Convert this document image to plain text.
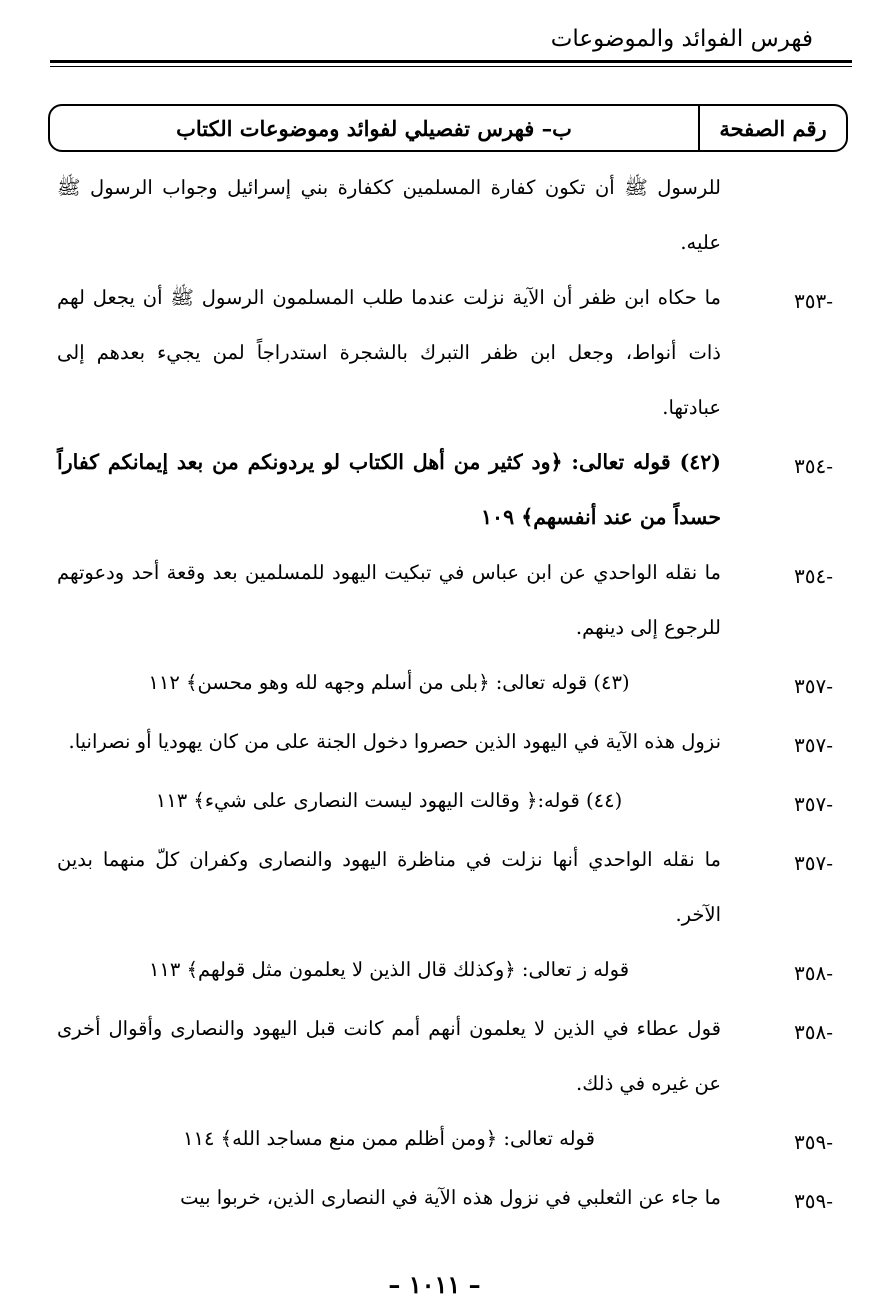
فهرس الفوائد والموضوعات
رقم الصفحة
ب– فهرس تفصيلي لفوائد وموضوعات الكتاب
للرسول ﷺ أن تكون كفارة المسلمين ككفارة بني إسرائيل وجواب الرسول ﷺ عليه.
-٣٥٣
ما حكاه ابن ظفر أن الآية نزلت عندما طلب المسلمون الرسول ﷺ أن يجعل لهم ذات أنواط، وجعل ابن ظفر التبرك بالشجرة استدراجاً لمن يجيء بعدهم إلى عبادتها.
-٣٥٤
(٤٢) قوله تعالى: ﴿ود كثير من أهل الكتاب لو يردونكم من بعد إيمانكم كفاراً حسداً من عند أنفسهم﴾ ١٠٩
-٣٥٤
ما نقله الواحدي عن ابن عباس في تبكيت اليهود للمسلمين بعد وقعة أحد ودعوتهم للرجوع إلى دينهم.
-٣٥٧
(٤٣) قوله تعالى: ﴿بلى من أسلم وجهه لله وهو محسن﴾ ١١٢
-٣٥٧
نزول هذه الآية في اليهود الذين حصروا دخول الجنة على من كان يهوديا أو نصرانيا.
-٣٥٧
(٤٤) قوله:﴿ وقالت اليهود ليست النصارى على شيء﴾ ١١٣
-٣٥٧
ما نقله الواحدي أنها نزلت في مناظرة اليهود والنصارى وكفران كلّ منهما بدين الآخر.
-٣٥٨
قوله ز تعالى: ﴿وكذلك قال الذين لا يعلمون مثل قولهم﴾ ١١٣
-٣٥٨
قول عطاء في الذين لا يعلمون أنهم أمم كانت قبل اليهود والنصارى وأقوال أخرى عن غيره في ذلك.
-٣٥٩
قوله تعالى: ﴿ومن أظلم ممن منع مساجد الله﴾ ١١٤
-٣٥٩
ما جاء عن الثعلبي في نزول هذه الآية في النصارى الذين، خربوا بيت
– ١٠١١ –
